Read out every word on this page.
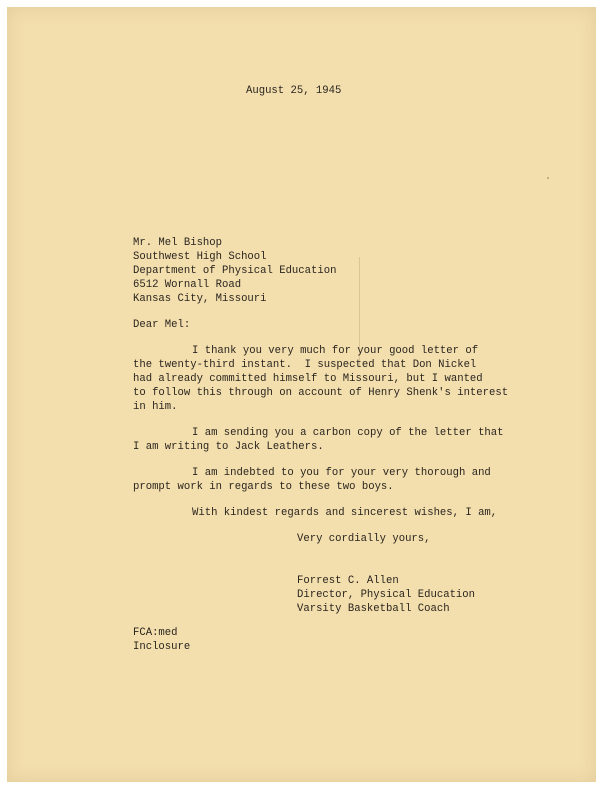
August 25, 1945

Mr. Mel Bishop

Southwest High School

Department of Physical Education

6512 Wornall Road

Kansas City, Missouri

Dear Mel:

I thank you very much for your good letter of

the twenty-third instant.  I suspected that Don Nickel

had already committed himself to Missouri, but I wanted

to follow this through on account of Henry Shenk's interest

in him.

I am sending you a carbon copy of the letter that

I am writing to Jack Leathers.

I am indebted to you for your very thorough and

prompt work in regards to these two boys.

With kindest regards and sincerest wishes, I am,

Very cordially yours,

Forrest C. Allen

Director, Physical Education

Varsity Basketball Coach

FCA:med

Inclosure
